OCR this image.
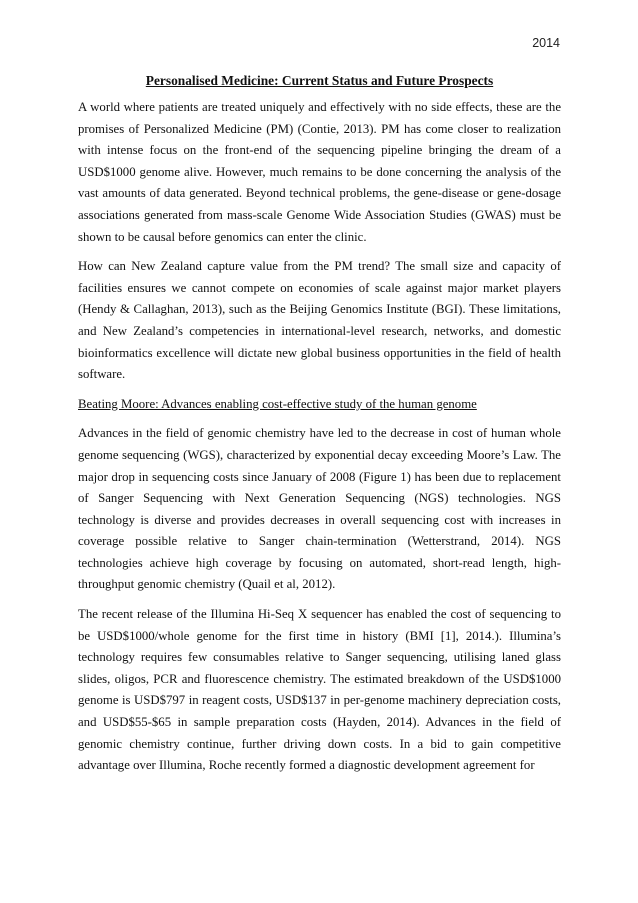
2014
Personalised Medicine: Current Status and Future Prospects

A world where patients are treated uniquely and effectively with no side effects, these are the promises of Personalized Medicine (PM) (Contie, 2013). PM has come closer to realization with intense focus on the front-end of the sequencing pipeline bringing the dream of a USD$1000 genome alive. However, much remains to be done concerning the analysis of the vast amounts of data generated. Beyond technical problems, the gene-disease or gene-dosage associations generated from mass-scale Genome Wide Association Studies (GWAS) must be shown to be causal before genomics can enter the clinic.

How can New Zealand capture value from the PM trend? The small size and capacity of facilities ensures we cannot compete on economies of scale against major market players (Hendy & Callaghan, 2013), such as the Beijing Genomics Institute (BGI). These limitations, and New Zealand’s competencies in international-level research, networks, and domestic bioinformatics excellence will dictate new global business opportunities in the field of health software.

Beating Moore: Advances enabling cost-effective study of the human genome

Advances in the field of genomic chemistry have led to the decrease in cost of human whole genome sequencing (WGS), characterized by exponential decay exceeding Moore’s Law. The major drop in sequencing costs since January of 2008 (Figure 1) has been due to replacement of Sanger Sequencing with Next Generation Sequencing (NGS) technologies. NGS technology is diverse and provides decreases in overall sequencing cost with increases in coverage possible relative to Sanger chain-termination (Wetterstrand, 2014). NGS technologies achieve high coverage by focusing on automated, short-read length, high-throughput genomic chemistry (Quail et al, 2012).

The recent release of the Illumina Hi-Seq X sequencer has enabled the cost of sequencing to be USD$1000/whole genome for the first time in history (BMI [1], 2014.). Illumina’s technology requires few consumables relative to Sanger sequencing, utilising laned glass slides, oligos, PCR and fluorescence chemistry. The estimated breakdown of the USD$1000 genome is USD$797 in reagent costs, USD$137 in per-genome machinery depreciation costs, and USD$55-$65 in sample preparation costs (Hayden, 2014). Advances in the field of genomic chemistry continue, further driving down costs. In a bid to gain competitive advantage over Illumina, Roche recently formed a diagnostic development agreement for
